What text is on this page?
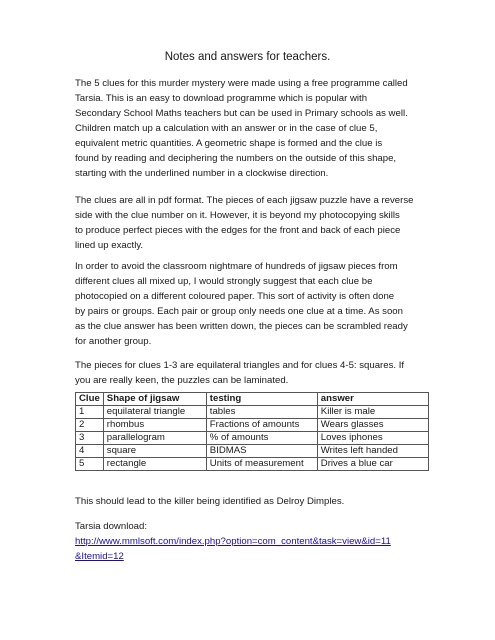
Notes and answers for teachers.
The 5 clues for this murder mystery were made using a free programme called
Tarsia. This is an easy to download programme which is popular with
Secondary School Maths teachers but can be used in Primary schools as well.
Children match up a calculation with an answer or in the case of clue 5,
equivalent metric quantities. A geometric shape is formed and the clue is
found by reading and deciphering the numbers on the outside of this shape,
starting with the underlined number in a clockwise direction.
The clues are all in pdf format. The pieces of each jigsaw puzzle have a reverse
side with the clue number on it. However, it is beyond my photocopying skills
to produce perfect pieces with the edges for the front and back of each piece
lined up exactly.
In order to avoid the classroom nightmare of hundreds of jigsaw pieces from
different clues all mixed up, I would strongly suggest that each clue be
photocopied on a different coloured paper. This sort of activity is often done
by pairs or groups. Each pair or group only needs one clue at a time. As soon
as the clue answer has been written down, the pieces can be scrambled ready
for another group.
The pieces for clues 1-3 are equilateral triangles and for clues 4-5: squares. If
you are really keen, the puzzles can be laminated.
Clue	Shape of jigsaw	testing	answer
1	equilateral triangle	tables	Killer is male
2	rhombus	Fractions of amounts	Wears glasses
3	parallelogram	% of amounts	Loves iphones
4	square	BIDMAS	Writes left handed
5	rectangle	Units of measurement	Drives a blue car
This should lead to the killer being identified as Delroy Dimples.
Tarsia download:
http://www.mmlsoft.com/index.php?option=com_content&task=view&id=11
&Itemid=12
